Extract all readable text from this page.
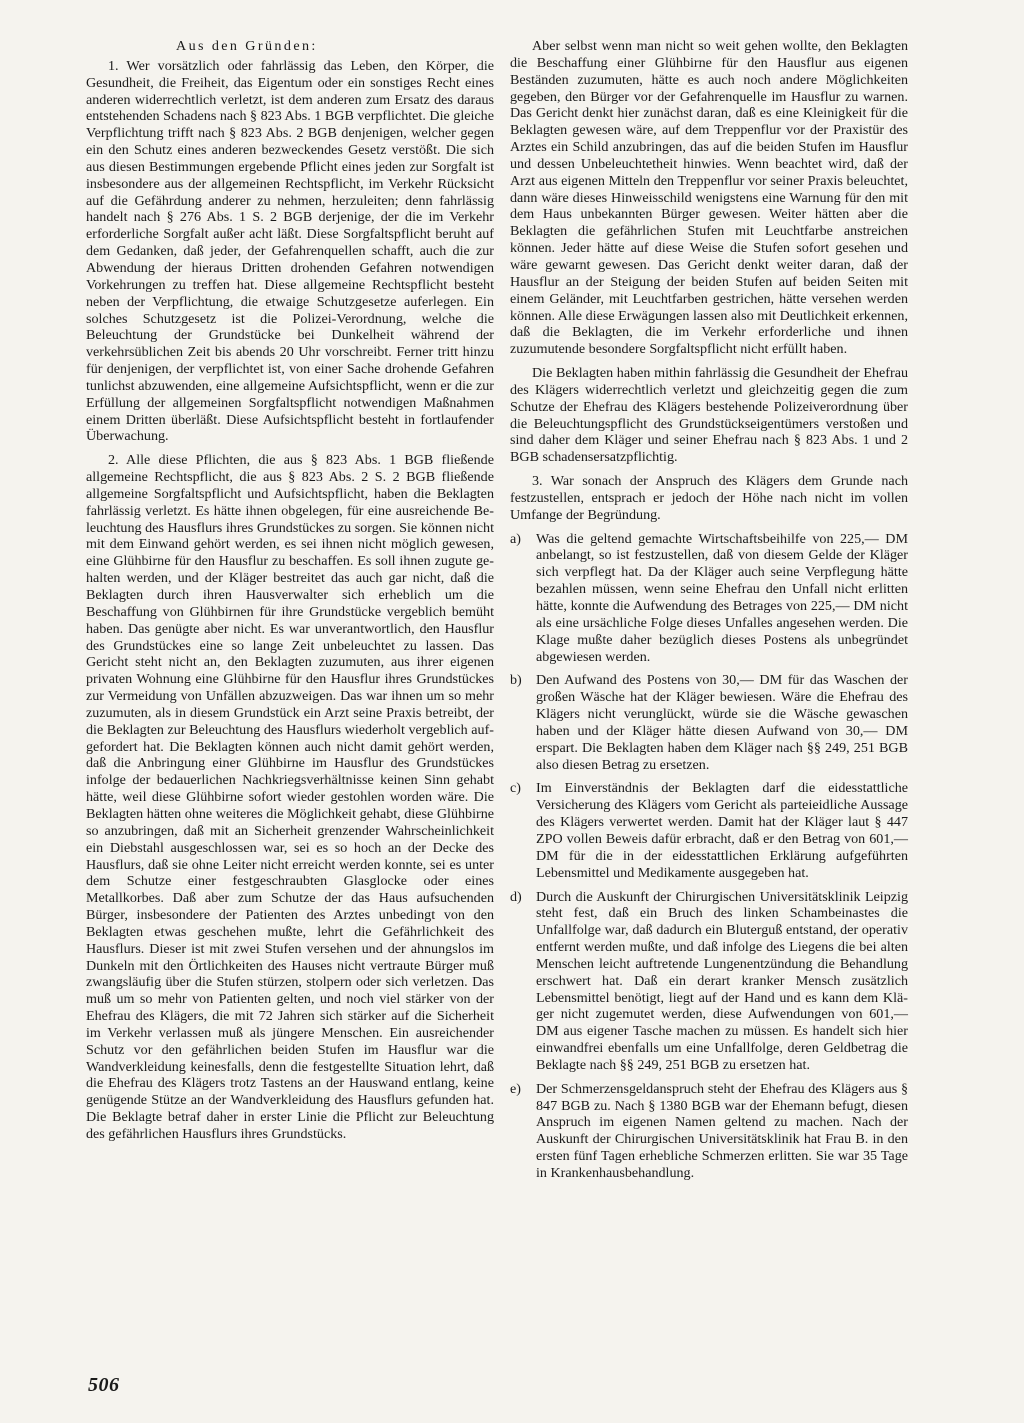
Aus den Gründen:

1. Wer vorsätzlich oder fahrlässig das Leben, den Körper, die Gesundheit, die Freiheit, das Eigentum oder ein sonstiges Recht eines anderen widerrechtlich verletzt, ist dem anderen zum Ersatz des daraus entstehenden Schadens nach § 823 Abs. 1 BGB verpflichtet. Die gleiche Verpflichtung trifft nach § 823 Abs. 2 BGB denjenigen, welcher gegen ein den Schutz eines anderen bezweckendes Gesetz verstößt. Die sich aus diesen Bestimmungen ergebende Pflicht eines jeden zur Sorgfalt ist insbesondere aus der allgemeinen Rechtspflicht, im Verkehr Rücksicht auf die Gefährdung anderer zu nehmen, herzuleiten; denn fahrlässig handelt nach § 276 Abs. 1 S. 2 BGB derjenige, der die im Verkehr erforderliche Sorgfalt außer acht läßt. Diese Sorgfaltspflicht beruht auf dem Gedanken, daß jeder, der Gefahrenquellen schafft, auch die zur Abwendung der hieraus Dritten drohenden Gefahren notwendigen Vorkehrungen zu treffen hat. Diese allgemeine Rechtspflicht besteht neben der Verpflichtung, die etwaige Schutzgesetze auferlegen. Ein solches Schutzgesetz ist die Polizei-Verordnung, welche die Beleuchtung der Grundstücke bei Dunkelheit während der verkehrsüblichen Zeit bis abends 20 Uhr vorschreibt. Ferner tritt hinzu für denjenigen, der verpflichtet ist, von einer Sache drohende Gefahren tunlichst abzuwenden, eine allgemeine Aufsichtspflicht, wenn er die zur Erfüllung der allgemeinen Sorgfaltspflicht notwendigen Maßnahmen einem Dritten überläßt. Diese Aufsichtspflicht besteht in fortlaufender Überwachung.

2. Alle diese Pflichten, die aus § 823 Abs. 1 BGB fließende allgemeine Rechtspflicht, die aus § 823 Abs. 2 S. 2 BGB fließende allgemeine Sorgfaltspflicht und Aufsichtspflicht, haben die Beklagten fahrlässig verletzt. Es hätte ihnen obgelegen, für eine ausreichende Beleuchtung des Hausflurs ihres Grundstückes zu sorgen. Sie können nicht mit dem Einwand gehört werden, es sei ihnen nicht möglich gewesen, eine Glühbirne für den Hausflur zu beschaffen. Es soll ihnen zugute gehalten werden, und der Kläger bestreitet das auch gar nicht, daß die Beklagten durch ihren Hausverwalter sich erheblich um die Beschaffung von Glühbirnen für ihre Grundstücke vergeblich bemüht haben. Das genügte aber nicht. Es war unverantwortlich, den Hausflur des Grundstückes eine so lange Zeit unbeleuchtet zu lassen. Das Gericht steht nicht an, den Beklagten zuzumuten, aus ihrer eigenen privaten Wohnung eine Glühbirne für den Hausflur ihres Grundstückes zur Vermeidung von Unfällen abzuzweigen. Das war ihnen um so mehr zuzumuten, als in diesem Grundstück ein Arzt seine Praxis betreibt, der die Beklagten zur Beleuchtung des Hausflurs wiederholt vergeblich aufgefordert hat. Die Beklagten können auch nicht damit gehört werden, daß die Anbringung einer Glühbirne im Hausflur des Grundstückes infolge der bedauerlichen Nachkriegsverhältnisse keinen Sinn gehabt hätte, weil diese Glühbirne sofort wieder gestohlen worden wäre. Die Beklagten hätten ohne weiteres die Möglichkeit gehabt, diese Glühbirne so anzubringen, daß mit an Sicherheit grenzender Wahrscheinlichkeit ein Diebstahl ausgeschlossen war, sei es so hoch an der Decke des Hausflurs, daß sie ohne Leiter nicht erreicht werden konnte, sei es unter dem Schutze einer festgeschraubten Glasglocke oder eines Metallkorbes. Daß aber zum Schutze der das Haus aufsuchenden Bürger, insbesondere der Patienten des Arztes unbedingt von den Beklagten etwas geschehen mußte, lehrt die Gefährlichkeit des Hausflurs. Dieser ist mit zwei Stufen versehen und der ahnungslos im Dunkeln mit den Örtlichkeiten des Hauses nicht vertraute Bürger muß zwangsläufig über die Stufen stürzen, stolpern oder sich verletzen. Das muß um so mehr von Patienten gelten, und noch viel stärker von der Ehefrau des Klägers, die mit 72 Jahren sich stärker auf die Sicherheit im Verkehr verlassen muß als jüngere Menschen. Ein ausreichender Schutz vor den gefährlichen beiden Stufen im Hausflur war die Wandverkleidung keinesfalls, denn die festgestellte Situation lehrt, daß die Ehefrau des Klägers trotz Tastens an der Hauswand entlang, keine genügende Stütze an der Wandverkleidung des Hausflurs gefunden hat. Die Beklagte betraf daher in erster Linie die Pflicht zur Beleuchtung des gefährlichen Hausflurs ihres Grundstücks.

Aber selbst wenn man nicht so weit gehen wollte, den Beklagten die Beschaffung einer Glühbirne für den Hausflur aus eigenen Beständen zuzumuten, hätte es auch noch andere Möglichkeiten gegeben, den Bürger vor der Gefahrenquelle im Hausflur zu warnen. Das Gericht denkt hier zunächst daran, daß es eine Kleinigkeit für die Beklagten gewesen wäre, auf dem Treppenflur vor der Praxistür des Arztes ein Schild anzubringen, das auf die beiden Stufen im Hausflur und dessen Unbeleuchtetheit hinwies. Wenn beachtet wird, daß der Arzt aus eigenen Mitteln den Treppenflur vor seiner Praxis beleuchtet, dann wäre dieses Hinweisschild wenigstens eine Warnung für den mit dem Haus unbekannten Bürger gewesen. Weiter hätten aber die Beklagten die gefährlichen Stufen mit Leuchtfarbe anstreichen können. Jeder hätte auf diese Weise die Stufen sofort gesehen und wäre gewarnt gewesen. Das Gericht denkt weiter daran, daß der Hausflur an der Steigung der beiden Stufen auf beiden Seiten mit einem Geländer, mit Leuchtfarben gestrichen, hätte versehen werden können. Alle diese Erwägungen lassen also mit Deutlichkeit erkennen, daß die Beklagten, die im Verkehr erforderliche und ihnen zuzumutende besondere Sorgfaltspflicht nicht erfüllt haben.

Die Beklagten haben mithin fahrlässig die Gesundheit der Ehefrau des Klägers widerrechtlich verletzt und gleichzeitig gegen die zum Schutze der Ehefrau des Klägers bestehende Polizeiverordnung über die Beleuchtungspflicht des Grundstückseigentümers verstoßen und sind daher dem Kläger und seiner Ehefrau nach § 823 Abs. 1 und 2 BGB schadensersatzpflichtig.

3. War sonach der Anspruch des Klägers dem Grunde nach festzustellen, entsprach er jedoch der Höhe nach nicht im vollen Umfange der Begründung.

a)	Was die geltend gemachte Wirtschaftsbeihilfe von 225,— DM anbelangt, so ist festzustellen, daß von diesem Gelde der Kläger sich verpflegt hat. Da der Kläger auch seine Verpflegung hätte bezahlen müssen, wenn seine Ehefrau den Unfall nicht erlitten hätte, konnte die Aufwendung des Betrages von 225,— DM nicht als eine ursächliche Folge dieses Unfalles angesehen werden. Die Klage mußte daher bezüglich dieses Postens als unbegründet abgewiesen werden.
b)	Den Aufwand des Postens von 30,— DM für das Waschen der großen Wäsche hat der Kläger bewiesen. Wäre die Ehefrau des Klägers nicht verunglückt, würde sie die Wäsche gewaschen haben und der Kläger hätte diesen Aufwand von 30,— DM erspart. Die Beklagten haben dem Kläger nach §§ 249, 251 BGB also diesen Betrag zu ersetzen.
c)	Im Einverständnis der Beklagten darf die eidesstattliche Versicherung des Klägers vom Gericht als parteieidliche Aussage des Klägers verwertet werden. Damit hat der Kläger laut § 447 ZPO vollen Beweis dafür erbracht, daß er den Betrag von 601,— DM für die in der eidesstattlichen Erklärung aufgeführten Lebensmittel und Medikamente ausgegeben hat.
d)	Durch die Auskunft der Chirurgischen Universitätsklinik Leipzig steht fest, daß ein Bruch des linken Schambeinastes die Unfallfolge war, daß dadurch ein Bluterguß entstand, der operativ entfernt werden mußte, und daß infolge des Liegens die bei alten Menschen leicht auftretende Lungenentzündung die Behandlung erschwert hat. Daß ein derart kranker Mensch zusätzlich Lebensmittel benötigt, liegt auf der Hand und es kann dem Kläger nicht zugemutet werden, diese Aufwendungen von 601,— DM aus eigener Tasche machen zu müssen. Es handelt sich hier einwandfrei ebenfalls um eine Unfallfolge, deren Geldbetrag die Beklagte nach §§ 249, 251 BGB zu ersetzen hat.
e)	Der Schmerzensgeldanspruch steht der Ehefrau des Klägers aus § 847 BGB zu. Nach § 1380 BGB war der Ehemann befugt, diesen Anspruch im eigenen Namen geltend zu machen. Nach der Auskunft der Chirurgischen Universitätsklinik hat Frau B. in den ersten fünf Tagen erhebliche Schmerzen erlitten. Sie war 35 Tage in Krankenhausbehandlung.
506
